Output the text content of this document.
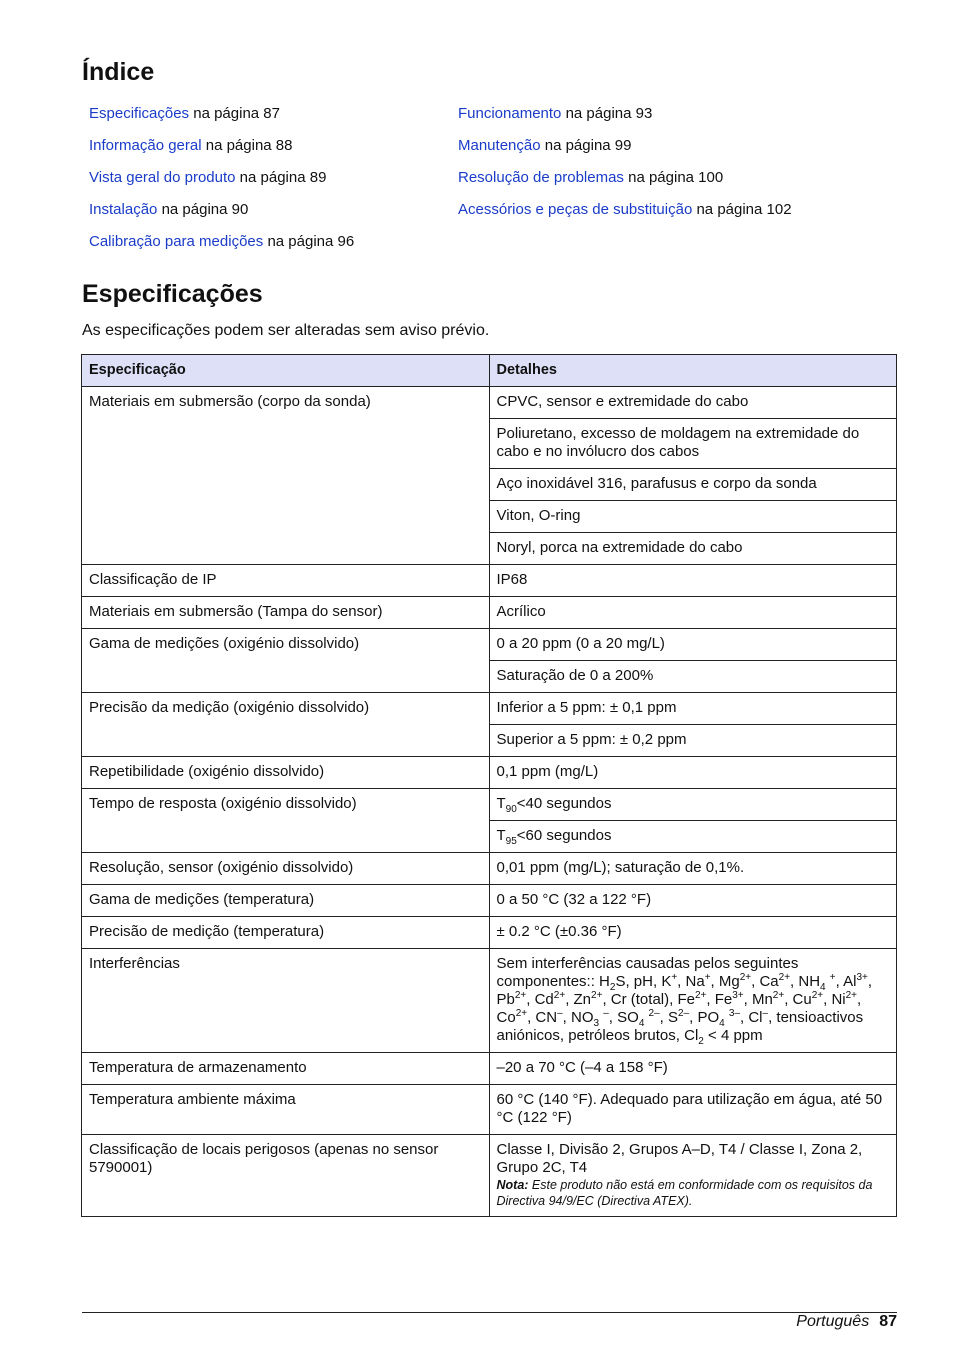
Índice
Especificações na página 87
Informação geral na página 88
Vista geral do produto na página 89
Instalação na página 90
Calibração para medições na página 96
Funcionamento na página 93
Manutenção na página 99
Resolução de problemas na página 100
Acessórios e peças de substituição na página 102
Especificações
As especificações podem ser alteradas sem aviso prévio.
Especificação	Detalhes
Materiais em submersão (corpo da sonda)	CPVC, sensor e extremidade do cabo
	Poliuretano, excesso de moldagem na extremidade do cabo e no invólucro dos cabos
	Aço inoxidável 316, parafusus e corpo da sonda
	Viton, O-ring
	Noryl, porca na extremidade do cabo
Classificação de IP	IP68
Materiais em submersão (Tampa do sensor)	Acrílico
Gama de medições (oxigénio dissolvido)	0 a 20 ppm (0 a 20 mg/L)
	Saturação de 0 a 200%
Precisão da medição (oxigénio dissolvido)	Inferior a 5 ppm: ± 0,1 ppm
	Superior a 5 ppm: ± 0,2 ppm
Repetibilidade (oxigénio dissolvido)	0,1 ppm (mg/L)
Tempo de resposta (oxigénio dissolvido)	$T_{90}<40$ segundos
	$T_{95}<60$ segundos
Resolução, sensor (oxigénio dissolvido)	0,01 ppm (mg/L); saturação de 0,1%.
Gama de medições (temperatura)	0 a 50 °C (32 a 122 °F)
Precisão de medição (temperatura)	± 0.2 °C (±0.36 °F)
Interferências	Sem interferências causadas pelos seguintes componentes:: $H_2S$, pH, K+, Na+, $Mg^{2+}$, $Ca^{2+}$, $NH_4$ +, $Al^{3+}$, $Pb^{2+}$, $Cd^{2+}$, $Zn^{2+}$, Cr (total), $Fe^{2+}$, $Fe^{3+}$, $Mn^{2+}$, $Cu^{2+}$, $Ni^{2+}$, $Co^{2+}$, CN–, $NO_3$ –, $SO_4$ $^{2-}$, $S^{2-}$, $PO_4$ $^{3-}$, Cl–, tensioactivos aniónicos, petróleos brutos, $Cl_2 < 4$ ppm
Temperatura de armazenamento	–20 a 70 °C (–4 a 158 °F)
Temperatura ambiente máxima	60 °C (140 °F). Adequado para utilização em água, até 50 °C (122 °F)
Classificação de locais perigosos (apenas no sensor 5790001)	Classe I, Divisão 2, Grupos A–D, T4 / Classe I, Zona 2, Grupo 2C, T4
Nota: Este produto não está em conformidade com os requisitos da Directiva 94/9/EC (Directiva ATEX).
Português 87
